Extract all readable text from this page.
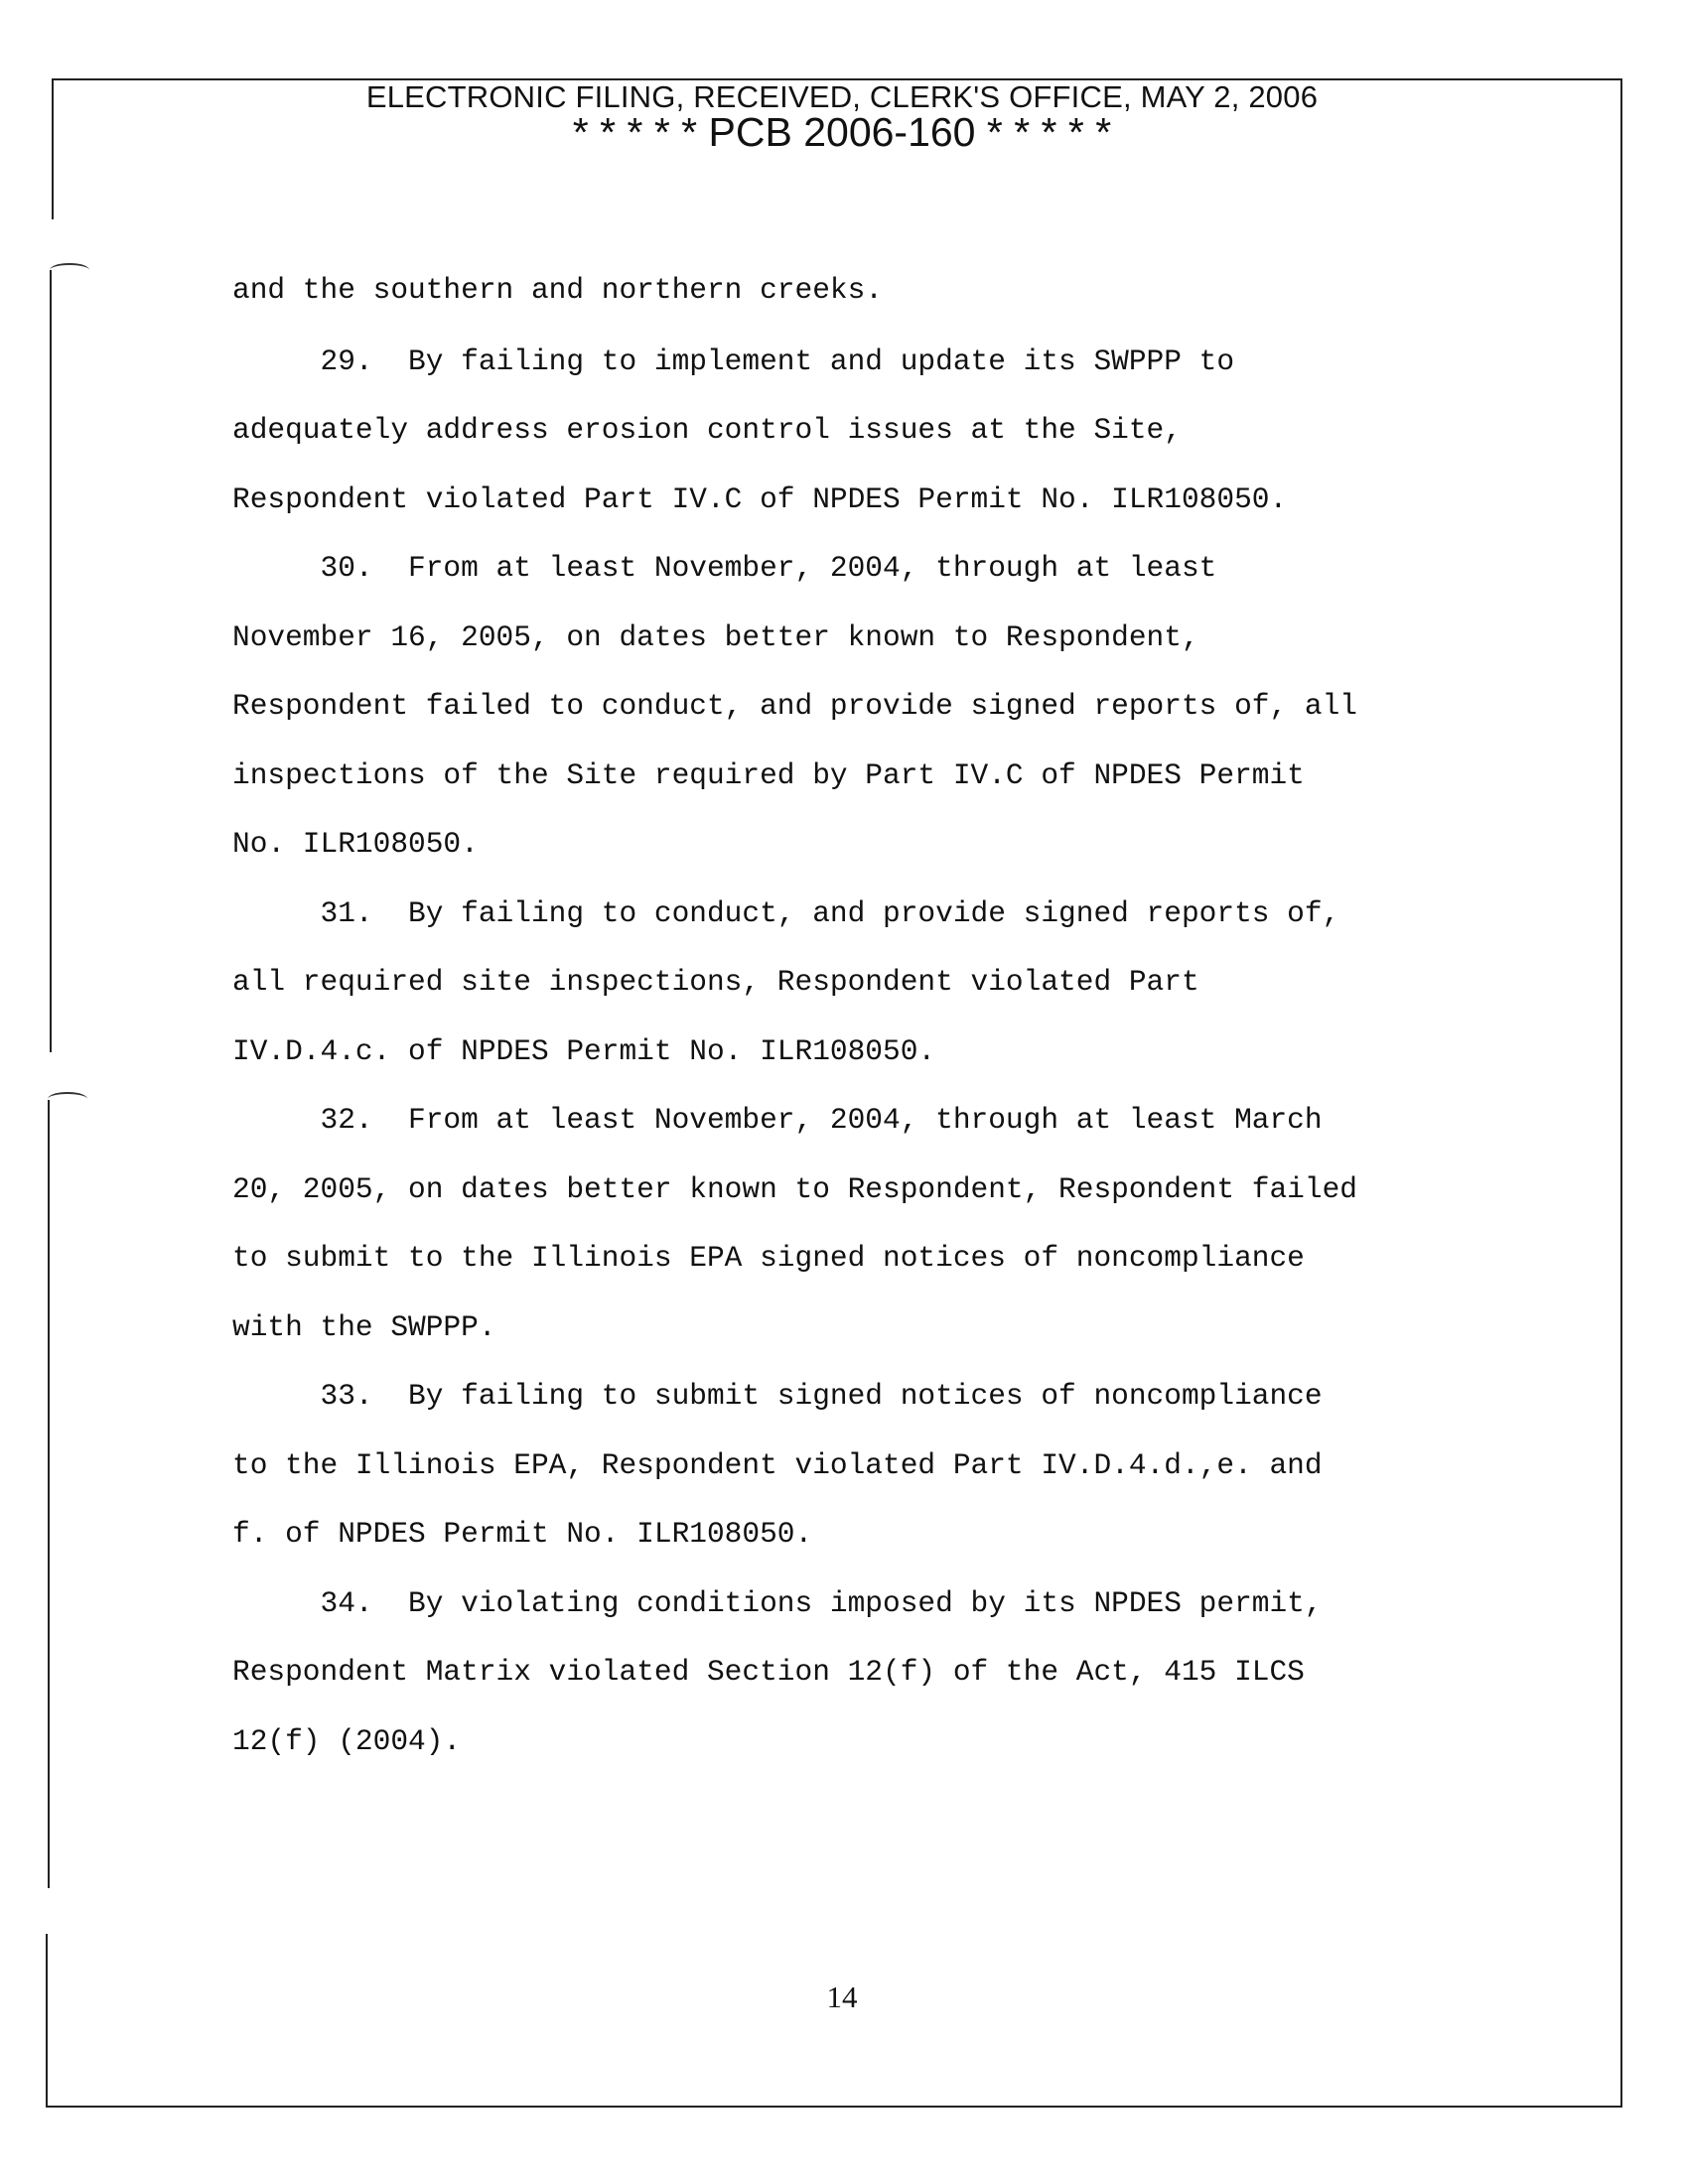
ELECTRONIC FILING, RECEIVED, CLERK'S OFFICE, MAY 2, 2006
* * * * * PCB 2006-160 * * * * *
and the southern and northern creeks.
29.  By failing to implement and update its SWPPP to
adequately address erosion control issues at the Site,
Respondent violated Part IV.C of NPDES Permit No. ILR108050.
30.  From at least November, 2004, through at least
November 16, 2005, on dates better known to Respondent,
Respondent failed to conduct, and provide signed reports of, all
inspections of the Site required by Part IV.C of NPDES Permit
No. ILR108050.
31.  By failing to conduct, and provide signed reports of,
all required site inspections, Respondent violated Part
IV.D.4.c. of NPDES Permit No. ILR108050.
32.  From at least November, 2004, through at least March
20, 2005, on dates better known to Respondent, Respondent failed
to submit to the Illinois EPA signed notices of noncompliance
with the SWPPP.
33.  By failing to submit signed notices of noncompliance
to the Illinois EPA, Respondent violated Part IV.D.4.d.,e. and
f. of NPDES Permit No. ILR108050.
34.  By violating conditions imposed by its NPDES permit,
Respondent Matrix violated Section 12(f) of the Act, 415 ILCS
12(f) (2004).
14
